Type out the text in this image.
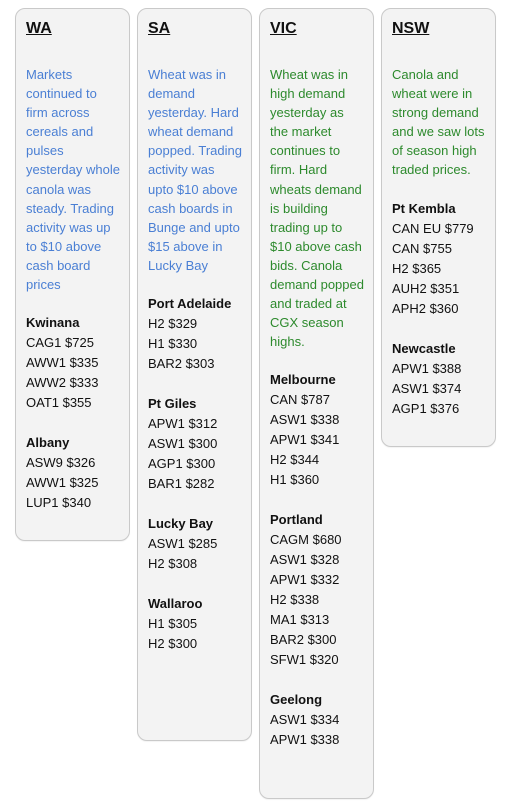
WA
Markets continued to firm across cereals and pulses yesterday whole canola was steady. Trading activity was up to $10 above cash board prices
Kwinana
CAG1 $725
AWW1 $335
AWW2 $333
OAT1 $355
Albany
ASW9 $326
AWW1 $325
LUP1 $340
SA
Wheat was in demand yesterday. Hard wheat demand popped. Trading activity was upto $10 above cash boards in Bunge and upto $15 above in Lucky Bay
Port Adelaide
H2 $329
H1 $330
BAR2 $303
Pt Giles
APW1 $312
ASW1 $300
AGP1 $300
BAR1 $282
Lucky Bay
ASW1 $285
H2 $308
Wallaroo
H1 $305
H2 $300
VIC
Wheat was in high demand yesterday as the market continues to firm. Hard wheats demand is building trading up to $10 above cash bids. Canola demand popped and traded at CGX season highs.
Melbourne
CAN $787
ASW1 $338
APW1 $341
H2 $344
H1 $360
Portland
CAGM $680
ASW1 $328
APW1 $332
H2 $338
MA1 $313
BAR2 $300
SFW1 $320
Geelong
ASW1 $334
APW1 $338
NSW
Canola and wheat were in strong demand and we saw lots of season high traded prices.
Pt Kembla
CAN EU $779
CAN $755
H2 $365
AUH2 $351
APH2 $360
Newcastle
APW1 $388
ASW1 $374
AGP1 $376
